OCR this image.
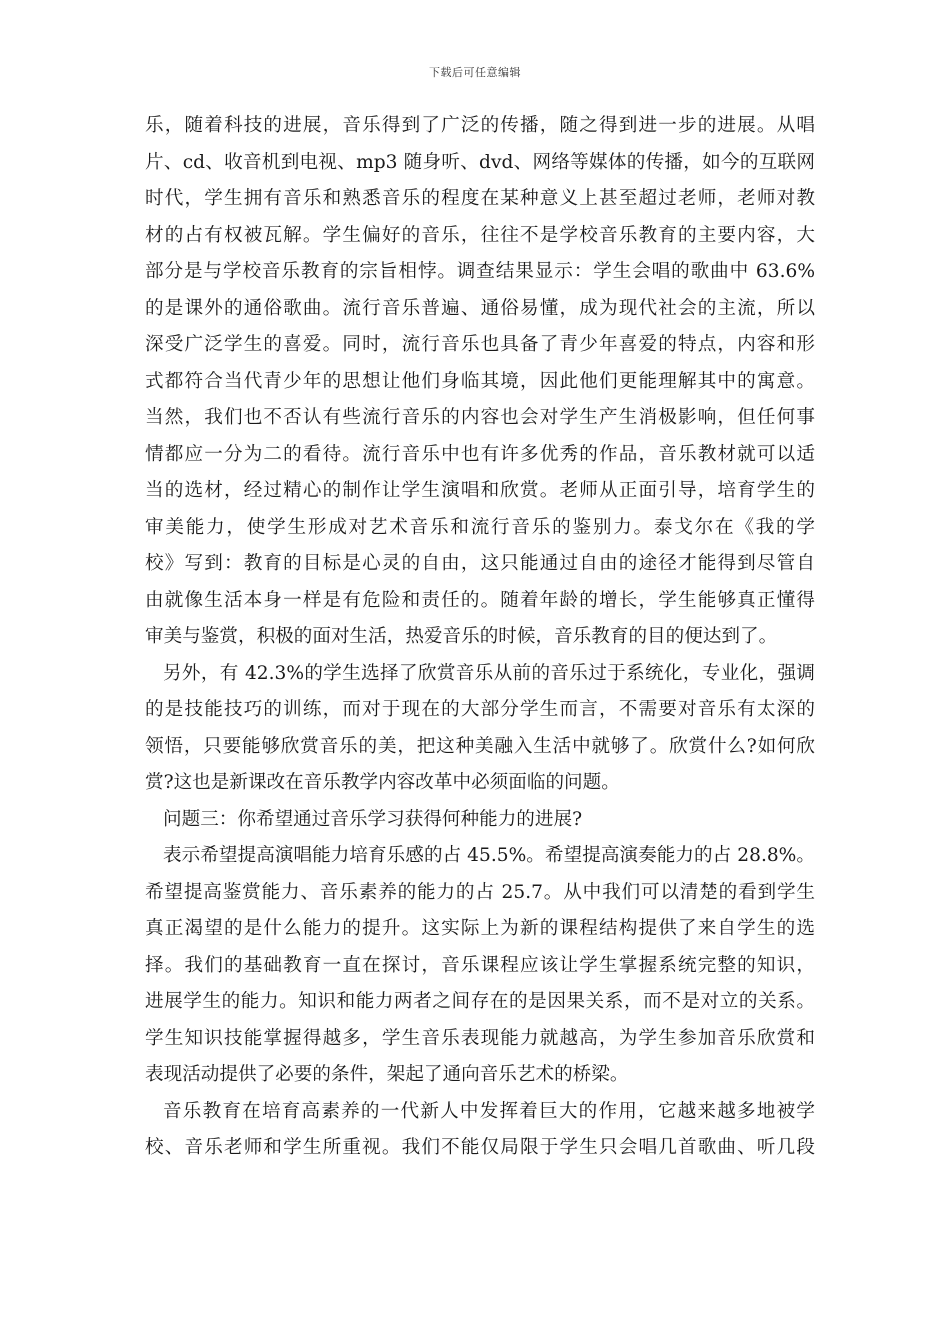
下载后可任意编辑
乐，随着科技的进展，音乐得到了广泛的传播，随之得到进一步的进展。从唱
片、cd、收音机到电视、mp3 随身听、dvd、网络等媒体的传播，如今的互联网
时代，学生拥有音乐和熟悉音乐的程度在某种意义上甚至超过老师，老师对教
材的占有权被瓦解。学生偏好的音乐，往往不是学校音乐教育的主要内容，大
部分是与学校音乐教育的宗旨相悖。调查结果显示：学生会唱的歌曲中 63.6%
的是课外的通俗歌曲。流行音乐普遍、通俗易懂，成为现代社会的主流，所以
深受广泛学生的喜爱。同时，流行音乐也具备了青少年喜爱的特点，内容和形
式都符合当代青少年的思想让他们身临其境，因此他们更能理解其中的寓意。
当然，我们也不否认有些流行音乐的内容也会对学生产生消极影响，但任何事
情都应一分为二的看待。流行音乐中也有许多优秀的作品，音乐教材就可以适
当的选材，经过精心的制作让学生演唱和欣赏。老师从正面引导，培育学生的
审美能力，使学生形成对艺术音乐和流行音乐的鉴别力。泰戈尔在《我的学
校》写到：教育的目标是心灵的自由，这只能通过自由的途径才能得到尽管自
由就像生活本身一样是有危险和责任的。随着年龄的增长，学生能够真正懂得
审美与鉴赏，积极的面对生活，热爱音乐的时候，音乐教育的目的便达到了。
另外，有 42.3%的学生选择了欣赏音乐从前的音乐过于系统化，专业化，强调
的是技能技巧的训练，而对于现在的大部分学生而言，不需要对音乐有太深的
领悟，只要能够欣赏音乐的美，把这种美融入生活中就够了。欣赏什么?如何欣
赏?这也是新课改在音乐教学内容改革中必须面临的问题。
问题三：你希望通过音乐学习获得何种能力的进展?
表示希望提高演唱能力培育乐感的占 45.5%。希望提高演奏能力的占 28.8%。
希望提高鉴赏能力、音乐素养的能力的占 25.7。从中我们可以清楚的看到学生
真正渴望的是什么能力的提升。这实际上为新的课程结构提供了来自学生的选
择。我们的基础教育一直在探讨，音乐课程应该让学生掌握系统完整的知识，
进展学生的能力。知识和能力两者之间存在的是因果关系，而不是对立的关系。
学生知识技能掌握得越多，学生音乐表现能力就越高，为学生参加音乐欣赏和
表现活动提供了必要的条件，架起了通向音乐艺术的桥梁。
音乐教育在培育高素养的一代新人中发挥着巨大的作用，它越来越多地被学
校、音乐老师和学生所重视。我们不能仅局限于学生只会唱几首歌曲、听几段
